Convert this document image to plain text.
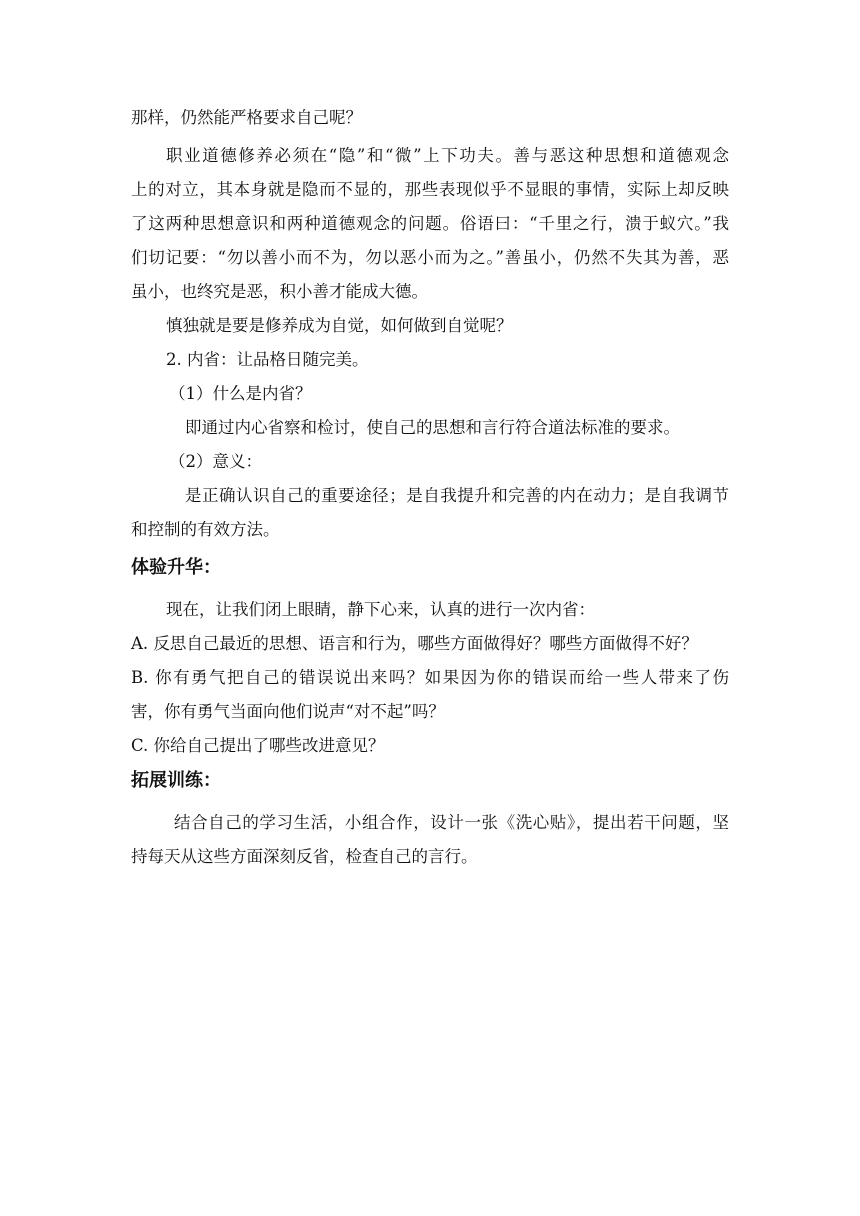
那样，仍然能严格要求自己呢？
职业道德修养必须在“隐”和“微”上下功夫。善与恶这种思想和道德观念
上的对立，其本身就是隐而不显的，那些表现似乎不显眼的事情，实际上却反映
了这两种思想意识和两种道德观念的问题。俗语曰：“千里之行，溃于蚁穴。”我
们切记要：“勿以善小而不为，勿以恶小而为之。”善虽小，仍然不失其为善，恶
虽小，也终究是恶，积小善才能成大德。
慎独就是要是修养成为自觉，如何做到自觉呢？
2. 内省：让品格日随完美。
（1）什么是内省？
即通过内心省察和检讨，使自己的思想和言行符合道法标准的要求。
（2）意义：
是正确认识自己的重要途径；是自我提升和完善的内在动力；是自我调节
和控制的有效方法。
体验升华：
现在，让我们闭上眼睛，静下心来，认真的进行一次内省：
A. 反思自己最近的思想、语言和行为，哪些方面做得好？哪些方面做得不好？
B. 你有勇气把自己的错误说出来吗？如果因为你的错误而给一些人带来了伤
害，你有勇气当面向他们说声“对不起”吗？
C. 你给自己提出了哪些改进意见？
拓展训练：
结合自己的学习生活，小组合作，设计一张《洗心贴》，提出若干问题，坚
持每天从这些方面深刻反省，检查自己的言行。
